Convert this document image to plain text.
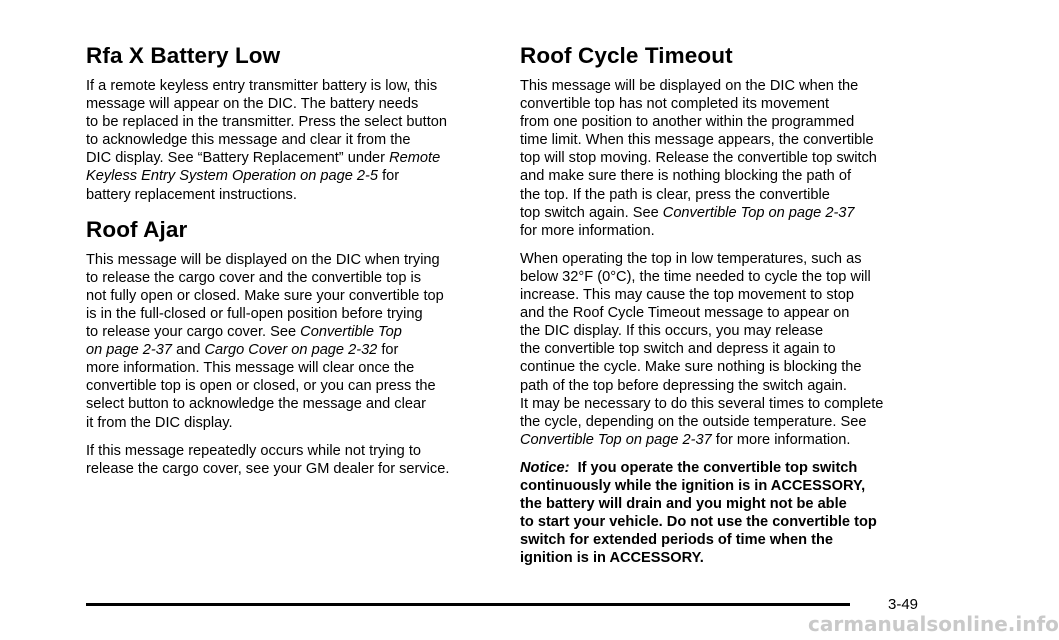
Rfa X Battery Low

If a remote keyless entry transmitter battery is low, this
message will appear on the DIC. The battery needs
to be replaced in the transmitter. Press the select button
to acknowledge this message and clear it from the
DIC display. See “Battery Replacement” under Remote
Keyless Entry System Operation on page 2-5 for
battery replacement instructions.

Roof Ajar

This message will be displayed on the DIC when trying
to release the cargo cover and the convertible top is
not fully open or closed. Make sure your convertible top
is in the full-closed or full-open position before trying
to release your cargo cover. See Convertible Top
on page 2-37 and Cargo Cover on page 2-32 for
more information. This message will clear once the
convertible top is open or closed, or you can press the
select button to acknowledge the message and clear
it from the DIC display.

If this message repeatedly occurs while not trying to
release the cargo cover, see your GM dealer for service.

Roof Cycle Timeout

This message will be displayed on the DIC when the
convertible top has not completed its movement
from one position to another within the programmed
time limit. When this message appears, the convertible
top will stop moving. Release the convertible top switch
and make sure there is nothing blocking the path of
the top. If the path is clear, press the convertible
top switch again. See Convertible Top on page 2-37
for more information.

When operating the top in low temperatures, such as
below 32°F (0°C), the time needed to cycle the top will
increase. This may cause the top movement to stop
and the Roof Cycle Timeout message to appear on
the DIC display. If this occurs, you may release
the convertible top switch and depress it again to
continue the cycle. Make sure nothing is blocking the
path of the top before depressing the switch again.
It may be necessary to do this several times to complete
the cycle, depending on the outside temperature. See
Convertible Top on page 2-37 for more information.

Notice:  If you operate the convertible top switch
continuously while the ignition is in ACCESSORY,
the battery will drain and you might not be able
to start your vehicle. Do not use the convertible top
switch for extended periods of time when the
ignition is in ACCESSORY.

3-49
carmanualsonline.info
